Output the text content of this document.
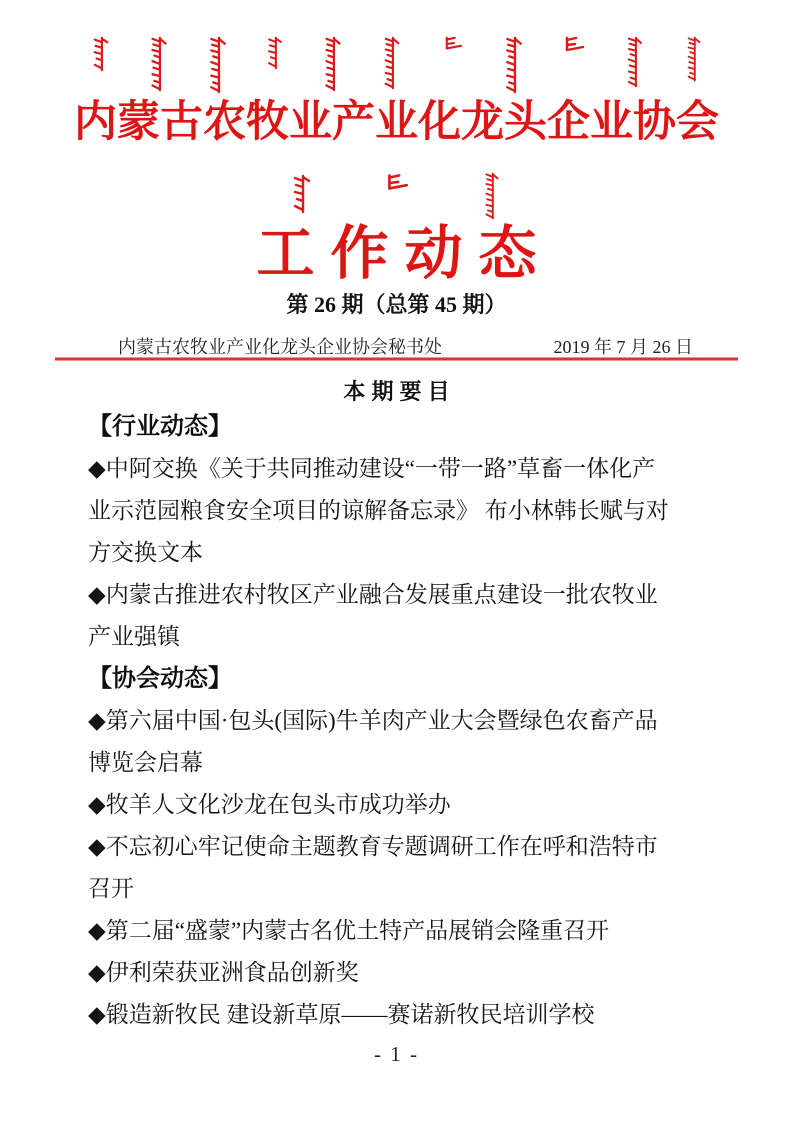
内蒙古农牧业产业化龙头企业协会
工作动态
第 26 期（总第 45 期）
内蒙古农牧业产业化龙头企业协会秘书处	2019 年 7 月 26 日
本 期 要 目
【行业动态】
◆中阿交换《关于共同推动建设“一带一路”草畜一体化产
业示范园粮食安全项目的谅解备忘录》 布小林韩长赋与对
方交换文本
◆内蒙古推进农村牧区产业融合发展重点建设一批农牧业
产业强镇
【协会动态】
◆第六届中国·包头(国际)牛羊肉产业大会暨绿色农畜产品
博览会启幕
◆牧羊人文化沙龙在包头市成功举办
◆不忘初心牢记使命主题教育专题调研工作在呼和浩特市
召开
◆第二届“盛蒙”内蒙古名优土特产品展销会隆重召开
◆伊利荣获亚洲食品创新奖
◆锻造新牧民 建设新草原——赛诺新牧民培训学校
- 1 -
